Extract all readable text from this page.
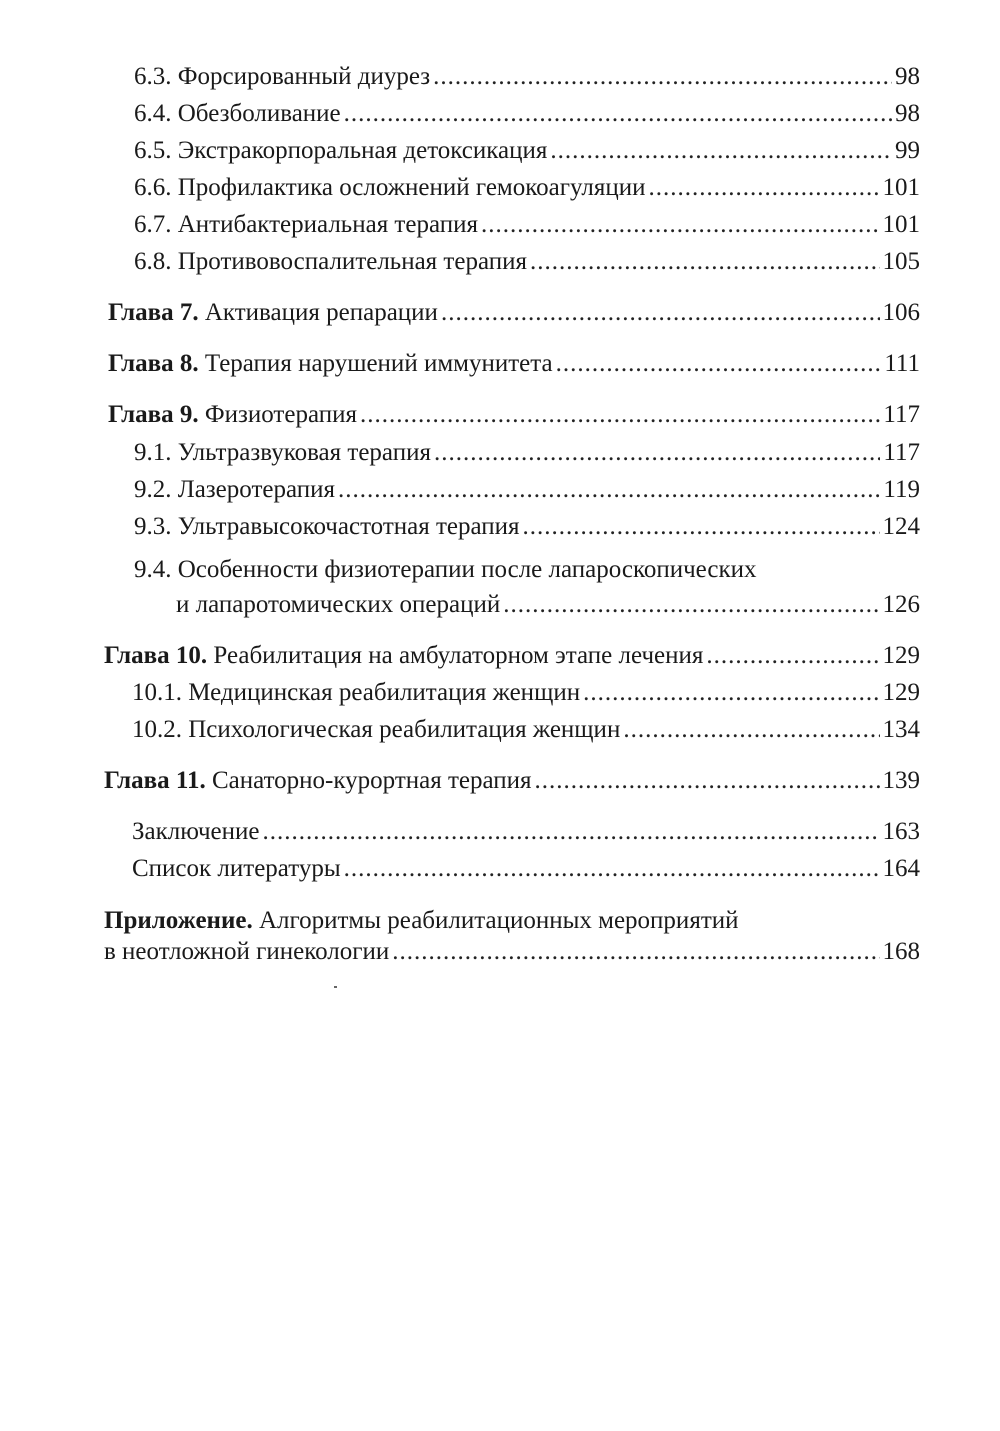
6.3. Форсированный диурез .....	98
6.4. Обезболивание .....	98
6.5. Экстракорпоральная детоксикация .....	99
6.6. Профилактика осложнений гемокоагуляции .....	101
6.7. Антибактериальная терапия .....	101
6.8. Противовоспалительная терапия .....	105
Глава 7. Активация репарации .....	106
Глава 8. Терапия нарушений иммунитета .....	111
Глава 9. Физиотерапия .....	117
9.1. Ультразвуковая терапия .....	117
9.2. Лазеротерапия .....	119
9.3. Ультравысокочастотная терапия .....	124
9.4. Особенности физиотерапии после лапароскопических
и лапаротомических операций .....	126
Глава 10. Реабилитация на амбулаторном этапе лечения .....	129
10.1. Медицинская реабилитация женщин .....	129
10.2. Психологическая реабилитация женщин .....	134
Глава 11. Санаторно-курортная терапия .....	139
Заключение .....	163
Список литературы .....	164
Приложение. Алгоритмы реабилитационных мероприятий
в неотложной гинекологии .....	168
